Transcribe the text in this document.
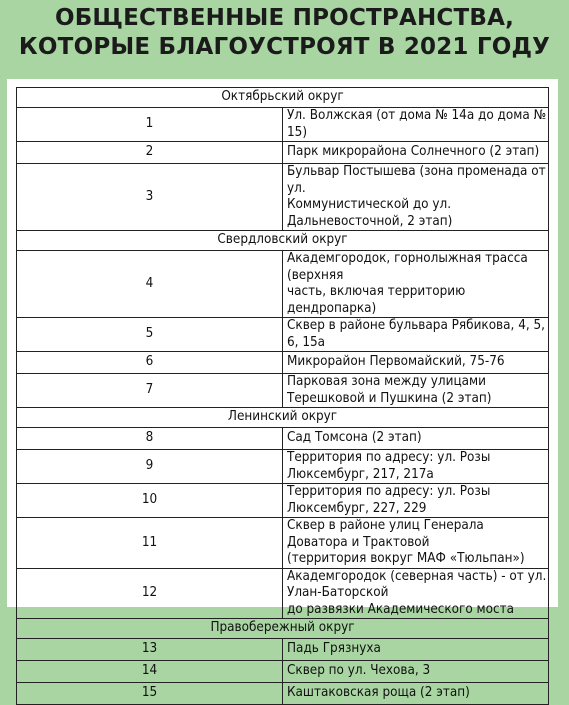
ОБЩЕСТВЕННЫЕ ПРОСТРАНСТВА,
КОТОРЫЕ БЛАГОУСТРОЯТ В 2021 ГОДУ
Октябрьский округ	
1	Ул. Волжская (от дома № 14а до дома № 15)

2	Парк микрорайона Солнечного (2 этап)

3	Бульвар Постышева (зона променада от ул.
Коммунистической до ул. Дальневосточной, 2 этап)

Свердловский округ	
4	Академгородок, горнолыжная трасса (верхняя
часть, включая территорию дендропарка)

5	Сквер в районе бульвара Рябикова, 4, 5, 6, 15а

6	Микрорайон Первомайский, 75-76

7	Парковая зона между улицами Терешковой и Пушкина (2 этап)

Ленинский округ	
8	Сад Томсона (2 этап)

9	Территория по адресу: ул. Розы Люксембург, 217, 217а

10	Территория по адресу: ул. Розы Люксембург, 227, 229

11	Сквер в районе улиц Генерала Доватора и Трактовой
(территория вокруг МАФ «Тюльпан»)

12	Академгородок (северная часть) - от ул. Улан-Баторской
до развязки Академического моста

Правобережный округ	
13	Падь Грязнуха

14	Сквер по ул. Чехова, 3

15	Каштаковская роща (2 этап)
